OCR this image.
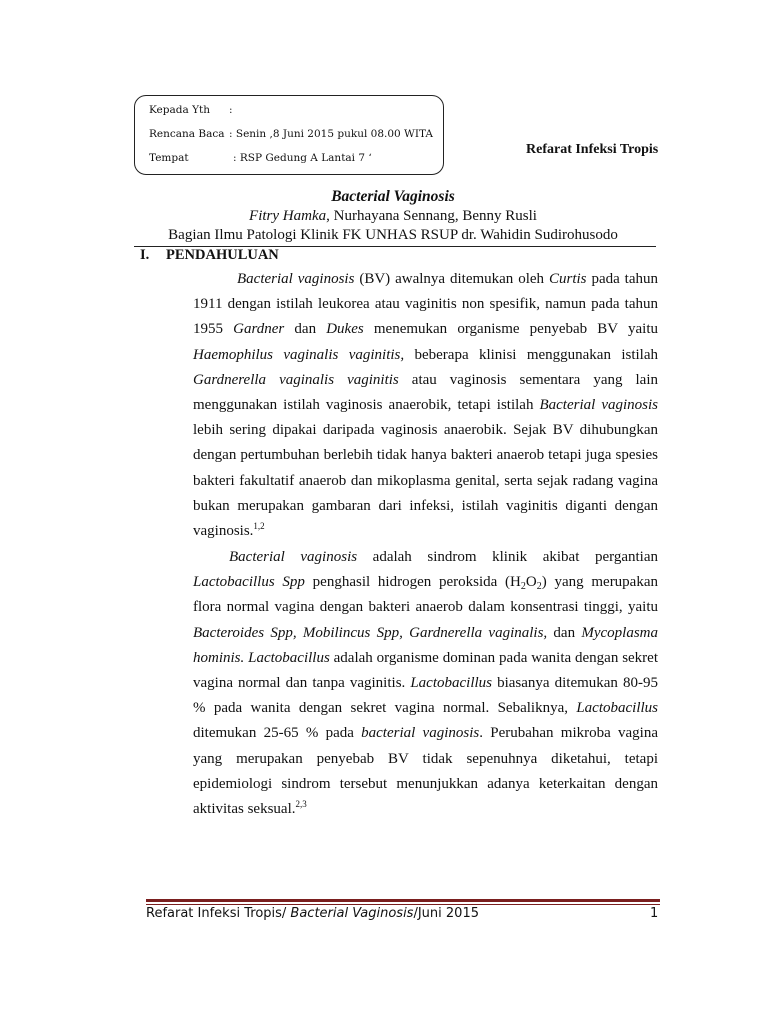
Kepada Yth :
Rencana Baca : Senin ,8 Juni 2015 pukul 08.00 WITA
Tempat	: RSP Gedung A Lantai 7 ‘
Refarat Infeksi Tropis
Bacterial Vaginosis
Fitry Hamka, Nurhayana Sennang, Benny Rusli
Bagian Ilmu Patologi Klinik FK UNHAS RSUP dr. Wahidin Sudirohusodo
I. PENDAHULUAN

Bacterial vaginosis (BV) awalnya ditemukan oleh Curtis pada tahun 1911 dengan istilah leukorea atau vaginitis non spesifik, namun pada tahun 1955 Gardner dan Dukes menemukan organisme penyebab BV yaitu Haemophilus vaginalis vaginitis, beberapa klinisi menggunakan istilah Gardnerella vaginalis vaginitis atau vaginosis sementara yang lain menggunakan istilah vaginosis anaerobik, tetapi istilah Bacterial vaginosis lebih sering dipakai daripada vaginosis anaerobik. Sejak BV dihubungkan dengan pertumbuhan berlebih tidak hanya bakteri anaerob tetapi juga spesies bakteri fakultatif anaerob dan mikoplasma genital, serta sejak radang vagina bukan merupakan gambaran dari infeksi, istilah vaginitis diganti dengan vaginosis.$^{1,2}$

Bacterial vaginosis adalah sindrom klinik akibat pergantian Lactobacillus Spp penghasil hidrogen peroksida $(H_2O_2)$ yang merupakan flora normal vagina dengan bakteri anaerob dalam konsentrasi tinggi, yaitu Bacteroides Spp, Mobilincus Spp, Gardnerella vaginalis, dan Mycoplasma hominis. Lactobacillus adalah organisme dominan pada wanita dengan sekret vagina normal dan tanpa vaginitis. Lactobacillus biasanya ditemukan 80-95 % pada wanita dengan sekret vagina normal. Sebaliknya, Lactobacillus ditemukan 25-65 % pada bacterial vaginosis. Perubahan mikroba vagina yang merupakan penyebab BV tidak sepenuhnya diketahui, tetapi epidemiologi sindrom tersebut menunjukkan adanya keterkaitan dengan aktivitas seksual.$^{2,3}$

Refarat Infeksi Tropis/ Bacterial Vaginosis/Juni 2015	1
